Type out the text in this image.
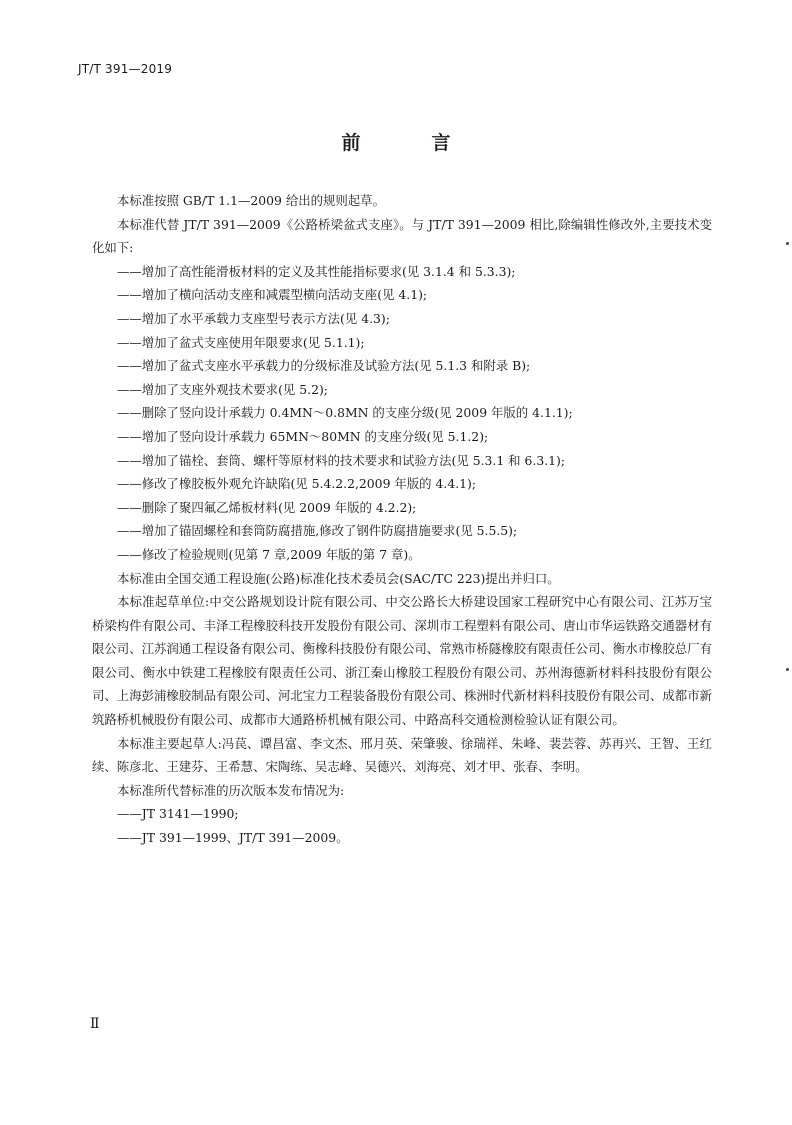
JT/T 391—2019
前　言

本标准按照 GB/T 1.1—2009 给出的规则起草。

本标准代替 JT/T 391—2009《公路桥梁盆式支座》。与 JT/T 391—2009 相比,除编辑性修改外,主要技术变化如下:

——增加了高性能滑板材料的定义及其性能指标要求(见 3.1.4 和 5.3.3);

——增加了横向活动支座和减震型横向活动支座(见 4.1);

——增加了水平承载力支座型号表示方法(见 4.3);

——增加了盆式支座使用年限要求(见 5.1.1);

——增加了盆式支座水平承载力的分级标准及试验方法(见 5.1.3 和附录 B);

——增加了支座外观技术要求(见 5.2);

——删除了竖向设计承载力 0.4MN～0.8MN 的支座分级(见 2009 年版的 4.1.1);

——增加了竖向设计承载力 65MN～80MN 的支座分级(见 5.1.2);

——增加了锚栓、套筒、螺杆等原材料的技术要求和试验方法(见 5.3.1 和 6.3.1);

——修改了橡胶板外观允许缺陷(见 5.4.2.2,2009 年版的 4.4.1);

——删除了聚四氟乙烯板材料(见 2009 年版的 4.2.2);

——增加了锚固螺栓和套筒防腐措施,修改了钢件防腐措施要求(见 5.5.5);

——修改了检验规则(见第 7 章,2009 年版的第 7 章)。

本标准由全国交通工程设施(公路)标准化技术委员会(SAC/TC 223)提出并归口。

本标准起草单位:中交公路规划设计院有限公司、中交公路长大桥建设国家工程研究中心有限公司、江苏万宝桥梁构件有限公司、丰泽工程橡胶科技开发股份有限公司、深圳市工程塑料有限公司、唐山市华运铁路交通器材有限公司、江苏润通工程设备有限公司、衡橡科技股份有限公司、常熟市桥隧橡胶有限责任公司、衡水市橡胶总厂有限公司、衡水中铁建工程橡胶有限责任公司、浙江秦山橡胶工程股份有限公司、苏州海德新材料科技股份有限公司、上海彭浦橡胶制品有限公司、河北宝力工程装备股份有限公司、株洲时代新材料科技股份有限公司、成都市新筑路桥机械股份有限公司、成都市大通路桥机械有限公司、中路高科交通检测检验认证有限公司。

本标准主要起草人:冯苠、谭昌富、李文杰、邢月英、荣肇骏、徐瑞祥、朱峰、裴芸蓉、苏再兴、王智、王红续、陈彦北、王建芬、王希慧、宋陶练、吴志峰、吴德兴、刘海亮、刘才甲、张春、李明。

本标准所代替标准的历次版本发布情况为:

——JT 3141—1990;

——JT 391—1999、JT/T 391—2009。

Ⅱ
